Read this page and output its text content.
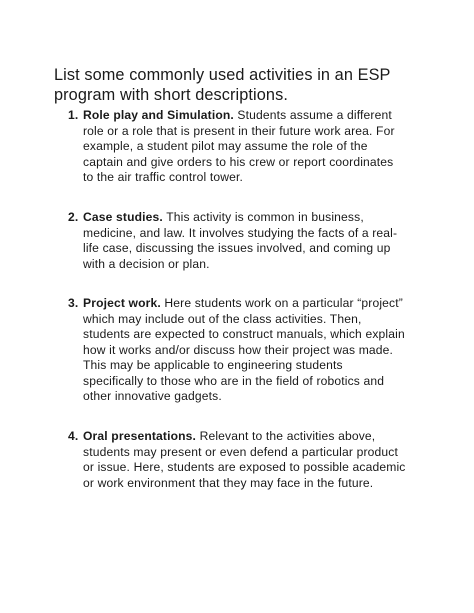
List some commonly used activities in an ESP
program with short descriptions.
1. Role play and Simulation. Students assume a different
role or a role that is present in their future work area. For
example, a student pilot may assume the role of the
captain and give orders to his crew or report coordinates
to the air traffic control tower.
2. Case studies. This activity is common in business,
medicine, and law. It involves studying the facts of a real-
life case, discussing the issues involved, and coming up
with a decision or plan.
3. Project work. Here students work on a particular “project”
which may include out of the class activities. Then,
students are expected to construct manuals, which explain
how it works and/or discuss how their project was made.
This may be applicable to engineering students
specifically to those who are in the field of robotics and
other innovative gadgets.
4. Oral presentations. Relevant to the activities above,
students may present or even defend a particular product
or issue. Here, students are exposed to possible academic
or work environment that they may face in the future.
